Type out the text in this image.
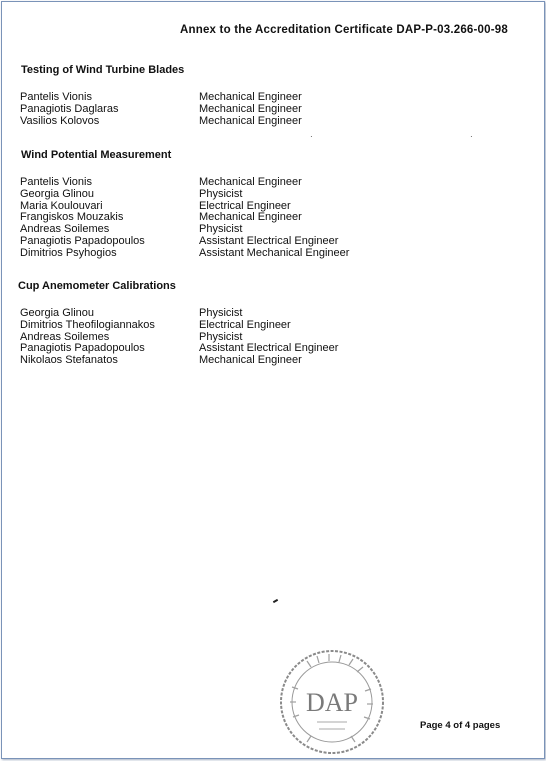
Annex to the Accreditation Certificate DAP-P-03.266-00-98
Testing of Wind Turbine Blades
Pantelis Vionis	Mechanical Engineer
Panagiotis Daglaras	Mechanical Engineer
Vasilios Kolovos	Mechanical Engineer
·	·
Wind Potential Measurement
Pantelis Vionis	Mechanical Engineer
Georgia Glinou	Physicist
Maria Koulouvari	Electrical Engineer
Frangiskos Mouzakis	Mechanical Engineer
Andreas Soilemes	Physicist
Panagiotis Papadopoulos	Assistant Electrical Engineer
Dimitrios Psyhogios	Assistant Mechanical Engineer
Cup Anemometer Calibrations
Georgia Glinou	Physicist
Dimitrios Theofilogiannakos	Electrical Engineer
Andreas Soilemes	Physicist
Panagiotis Papadopoulos	Assistant Electrical Engineer
Nikolaos Stefanatos	Mechanical Engineer
DAP
Page 4 of 4 pages
